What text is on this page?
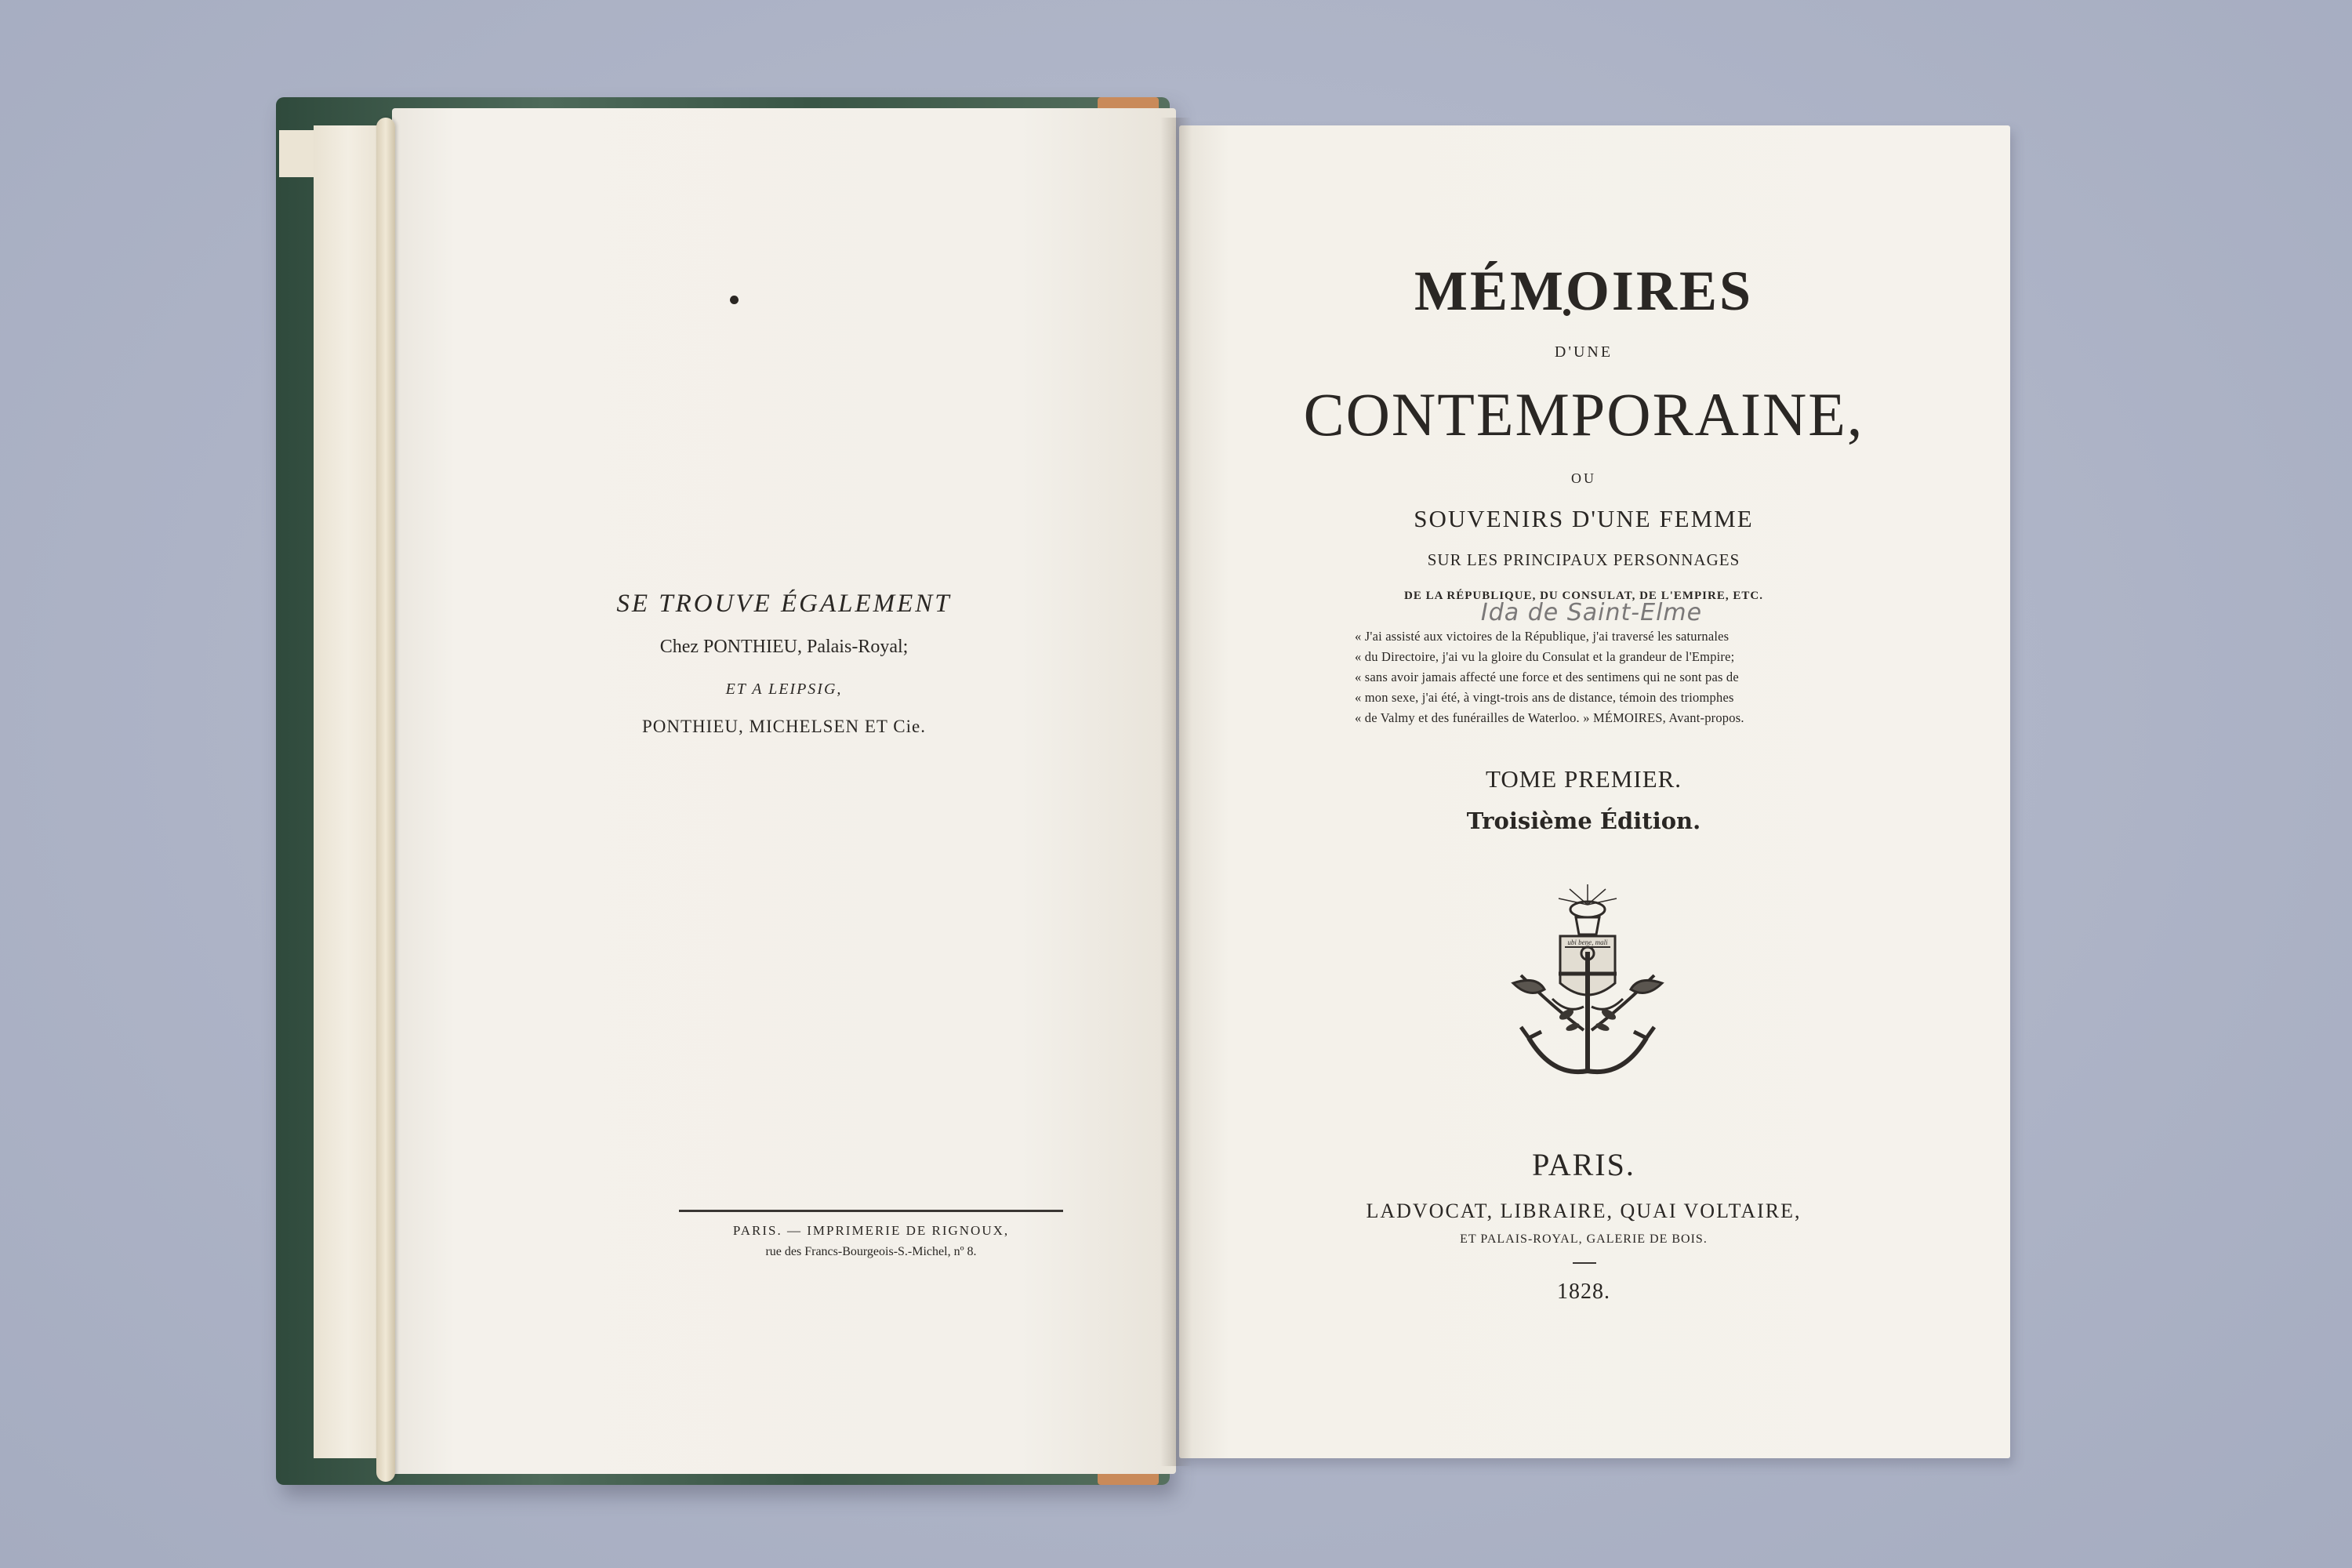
SE TROUVE ÉGALEMENT
Chez PONTHIEU, Palais-Royal;
ET A LEIPSIG,
PONTHIEU, MICHELSEN ET Cie.
PARIS. — IMPRIMERIE DE RIGNOUX,
rue des Francs-Bourgeois-S.-Michel, nº 8.
MÉMOIRES
D'UNE
CONTEMPORAINE,
OU
SOUVENIRS D'UNE FEMME
SUR LES PRINCIPAUX PERSONNAGES
DE LA RÉPUBLIQUE, DU CONSULAT, DE L'EMPIRE, ETC.
Ida de Saint-Elme
« J'ai assisté aux victoires de la République, j'ai traversé les saturnales
« du Directoire, j'ai vu la gloire du Consulat et la grandeur de l'Empire;
« sans avoir jamais affecté une force et des sentimens qui ne sont pas de
« mon sexe, j'ai été, à vingt-trois ans de distance, témoin des triomphes
« de Valmy et des funérailles de Waterloo. » MÉMOIRES, Avant-propos.
TOME PREMIER.
Troisième Édition.
ubi bene, mali
PARIS.
LADVOCAT, LIBRAIRE, QUAI VOLTAIRE,
ET PALAIS-ROYAL, GALERIE DE BOIS.
1828.
